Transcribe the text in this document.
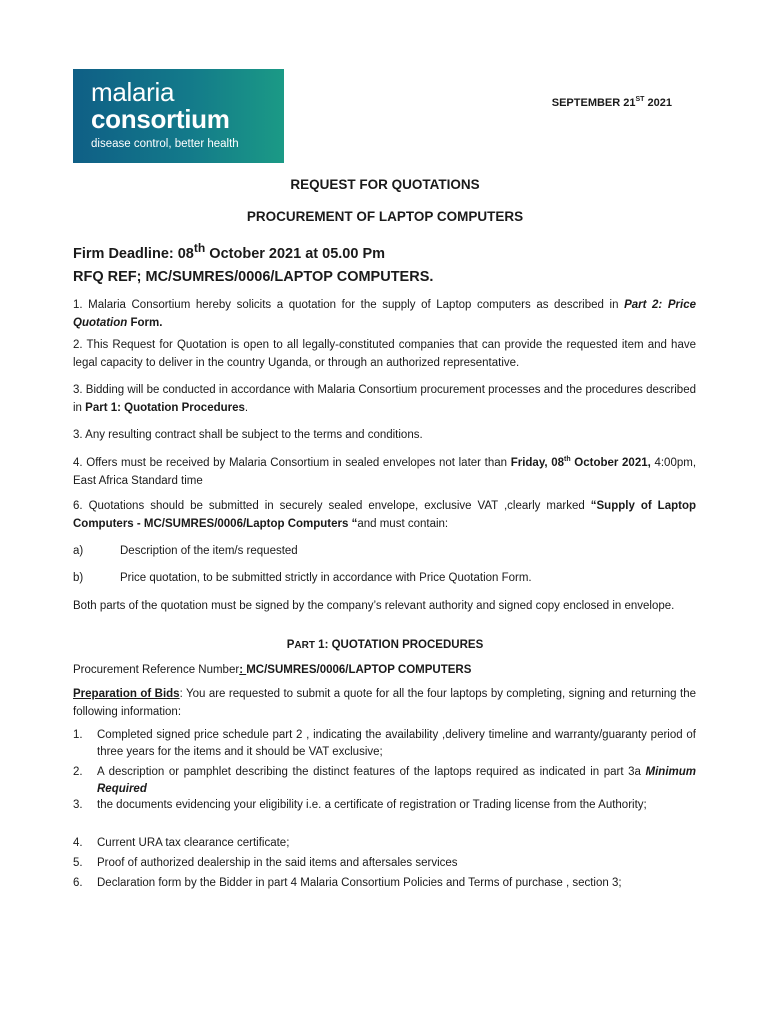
malaria
consortium
disease control, better health
SEPTEMBER 21ST 2021
REQUEST FOR QUOTATIONS
PROCUREMENT OF LAPTOP COMPUTERS
Firm Deadline: 08th October 2021 at 05.00 Pm
RFQ REF; MC/SUMRES/0006/LAPTOP COMPUTERS.

1. Malaria Consortium hereby solicits a quotation for the supply of Laptop computers as described in Part 2: Price Quotation Form.

2. This Request for Quotation is open to all legally-constituted companies that can provide the requested item and have legal capacity to deliver in the country Uganda, or through an authorized representative.

3. Bidding will be conducted in accordance with Malaria Consortium procurement processes and the procedures described in Part 1: Quotation Procedures.

3. Any resulting contract shall be subject to the terms and conditions.

4. Offers must be received by Malaria Consortium in sealed envelopes not later than Friday, 08th October 2021, 4:00pm, East Africa Standard time

6. Quotations should be submitted in securely sealed envelope, exclusive VAT ,clearly marked “Supply of Laptop Computers - MC/SUMRES/0006/Laptop Computers “and must contain:

a)	Description of the item/s requested
b)	Price quotation, to be submitted strictly in accordance with Price Quotation Form.

Both parts of the quotation must be signed by the company’s relevant authority and signed copy enclosed in envelope.

PART 1: QUOTATION PROCEDURES

Procurement Reference Number: MC/SUMRES/0006/LAPTOP COMPUTERS

Preparation of Bids: You are requested to submit a quote for all the four laptops by completing, signing and returning the following information:

1. Completed signed price schedule part 2 , indicating the availability ,delivery timeline and warranty/guaranty period of three years for the items and it should be VAT exclusive;
2. A description or pamphlet describing the distinct features of the laptops required as indicated in part 3a Minimum Required
3. the documents evidencing your eligibility i.e. a certificate of registration or Trading license from the Authority;
4. Current URA tax clearance certificate;
5. Proof of authorized dealership in the said items and aftersales services
6. Declaration form by the Bidder in part 4 Malaria Consortium Policies and Terms of purchase , section 3;
